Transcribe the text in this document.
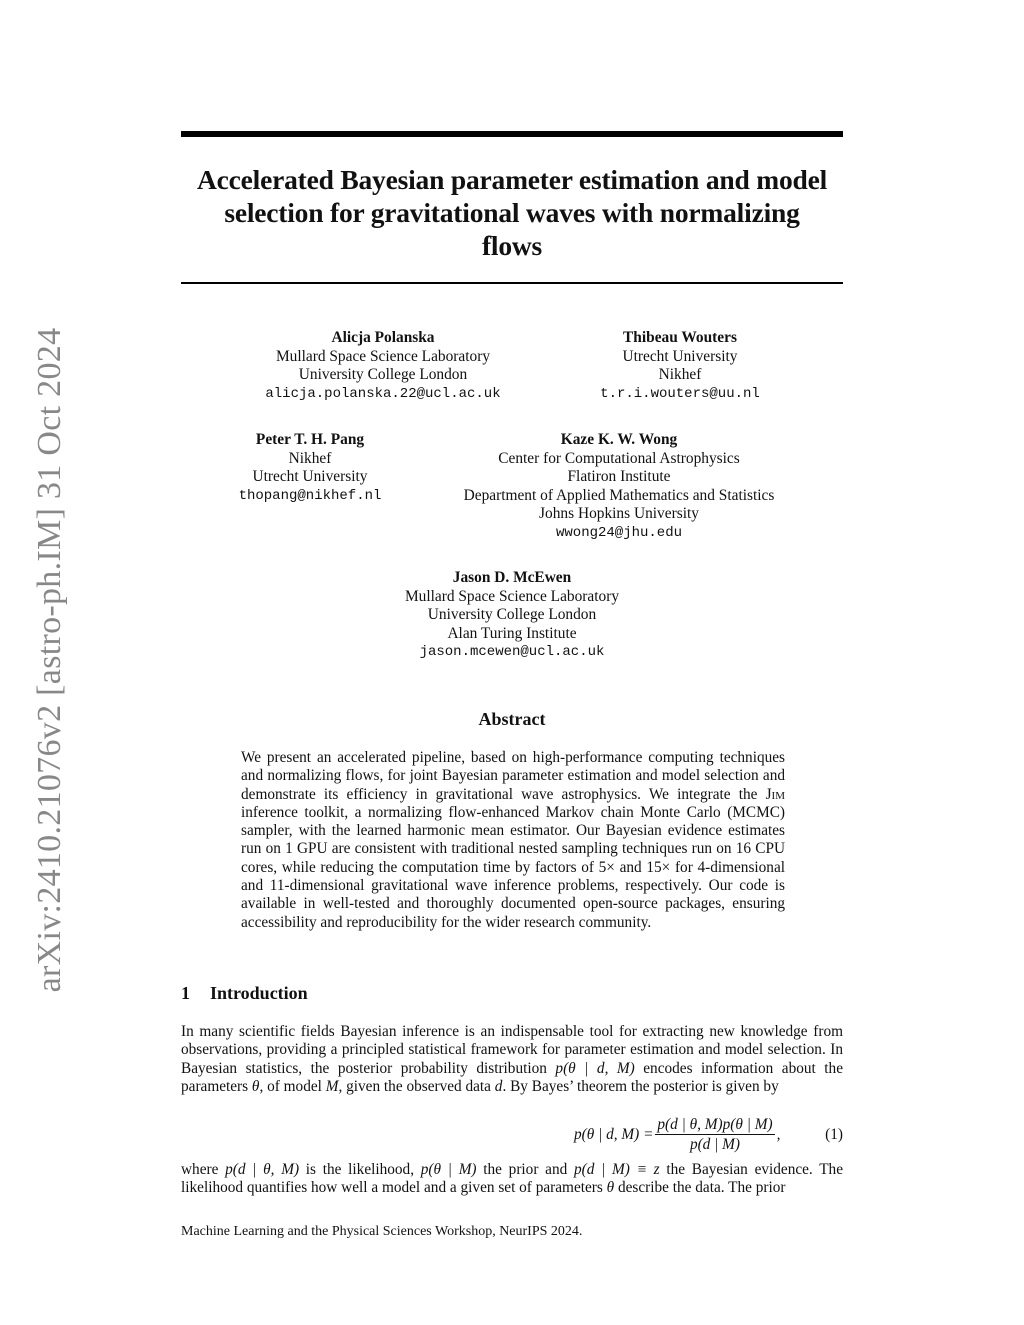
arXiv:2410.21076v2 [astro-ph.IM] 31 Oct 2024
Accelerated Bayesian parameter estimation and model
selection for gravitational waves with normalizing
flows
Alicja Polanska
Mullard Space Science Laboratory
University College London
alicja.polanska.22@ucl.ac.uk
Thibeau Wouters
Utrecht University
Nikhef
t.r.i.wouters@uu.nl
Peter T. H. Pang
Nikhef
Utrecht University
thopang@nikhef.nl
Kaze K. W. Wong
Center for Computational Astrophysics
Flatiron Institute
Department of Applied Mathematics and Statistics
Johns Hopkins University
wwong24@jhu.edu
Jason D. McEwen
Mullard Space Science Laboratory
University College London
Alan Turing Institute
jason.mcewen@ucl.ac.uk
Abstract
We present an accelerated pipeline, based on high-performance computing techniques and normalizing flows, for joint Bayesian parameter estimation and model selection and demonstrate its efficiency in gravitational wave astrophysics. We integrate the Jim inference toolkit, a normalizing flow-enhanced Markov chain Monte Carlo (MCMC) sampler, with the learned harmonic mean estimator. Our Bayesian evidence estimates run on 1 GPU are consistent with traditional nested sampling techniques run on 16 CPU cores, while reducing the computation time by factors of 5× and 15× for 4-dimensional and 11-dimensional gravitational wave inference problems, respectively. Our code is available in well-tested and thoroughly documented open-source packages, ensuring accessibility and reproducibility for the wider research community.
1 Introduction
In many scientific fields Bayesian inference is an indispensable tool for extracting new knowledge from observations, providing a principled statistical framework for parameter estimation and model selection. In Bayesian statistics, the posterior probability distribution p(θ | d, M) encodes information about the parameters θ, of model M, given the observed data d. By Bayes’ theorem the posterior is given by
p(θ | d, $M) = \frac{p(d | \theta, M)p(\theta | M)}{p(d | M)}$ ,	(1)
where p(d | θ, M) is the likelihood, p(θ | M) the prior and p(d | M) ≡ z the Bayesian evidence. The likelihood quantifies how well a model and a given set of parameters θ describe the data. The prior
Machine Learning and the Physical Sciences Workshop, NeurIPS 2024.
